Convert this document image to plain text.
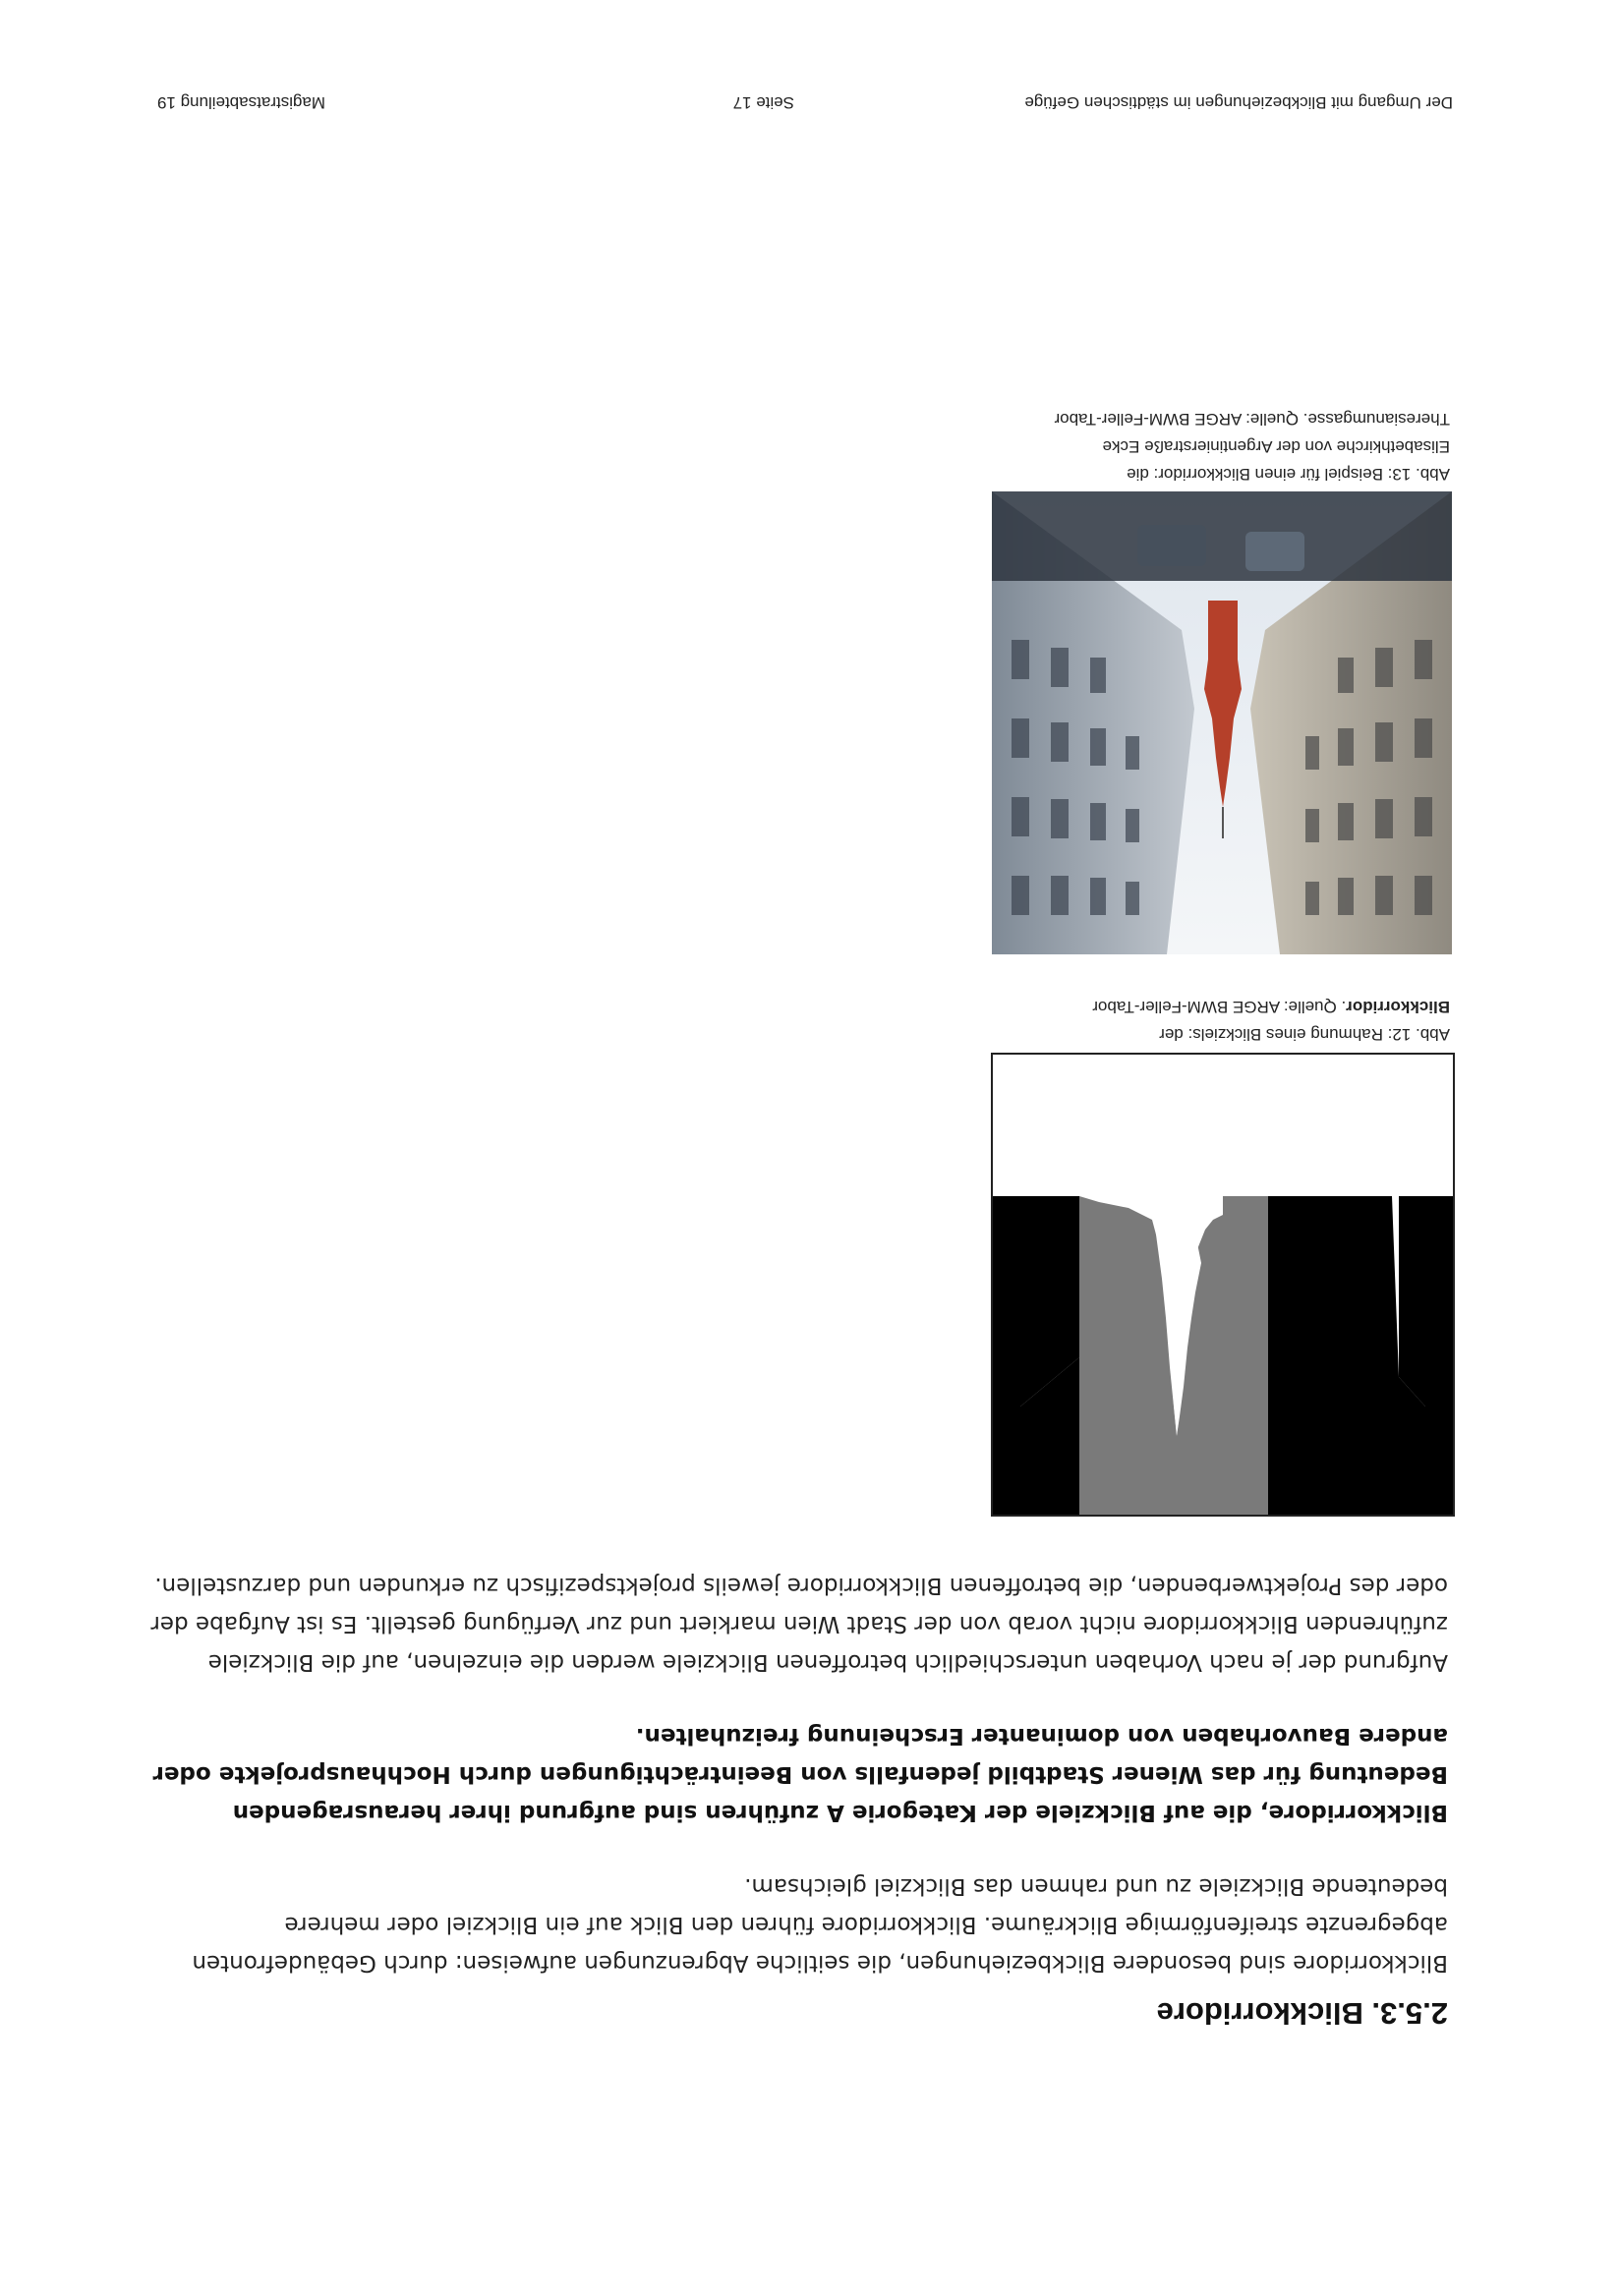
Der Umgang mit Blickbeziehungen im städtischen Gefüge
Seite 17
Magistratsabteilung 19
2.5.3. Blickkorridore

Blickkorridore sind besondere Blickbeziehungen, die seitliche Abgrenzungen aufweisen: durch Gebäudefronten abgegrenzte streifenförmige Blickräume. Blickkorridore führen den Blick auf ein Blickziel oder mehrere bedeutende Blickziele zu und rahmen das Blickziel gleichsam.

Blickkorridore, die auf Blickziele der Kategorie A zuführen sind aufgrund ihrer herausragenden Bedeutung für das Wiener Stadtbild jedenfalls von Beeinträchtigungen durch Hochhausprojekte oder andere Bauvorhaben von dominanter Erscheinung freizuhalten.

Aufgrund der je nach Vorhaben unterschiedlich betroffenen Blickziele werden die einzelnen, auf die Blickziele zuführenden Blickkorridore nicht vorab von der Stadt Wien markiert und zur Verfügung gestellt. Es ist Aufgabe der oder des Projektwerbenden, die betroffenen Blickkorridore jeweils projektspezifisch zu erkunden und darzustellen.

Abb. 12: Rahmung eines Blickziels: der
Blickkorridor. Quelle: ARGE BWM-Feller-Tabor
Abb. 13: Beispiel für einen Blickkorridor: die
Elisabethkirche von der Argentinierstraße Ecke
Theresianumgasse. Quelle: ARGE BWM-Feller-Tabor
